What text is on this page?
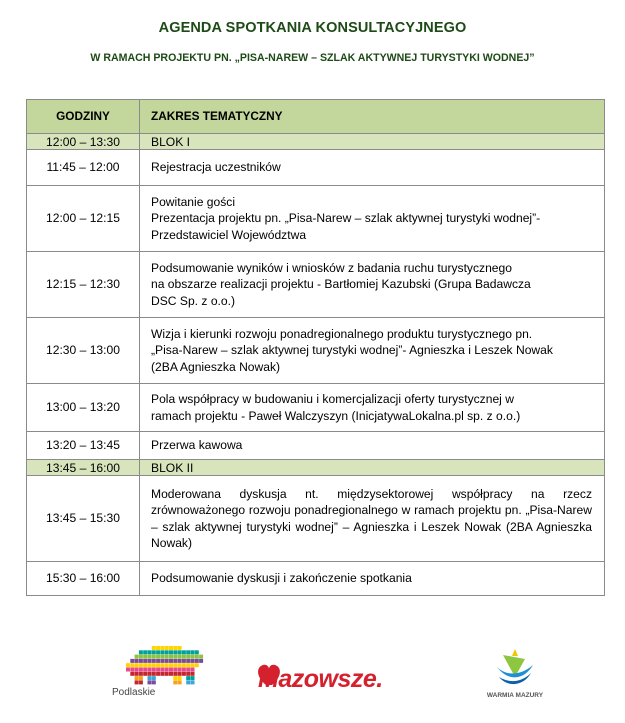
AGENDA SPOTKANIA KONSULTACYJNEGO
W RAMACH PROJEKTU PN. „PISA-NAREW – SZLAK AKTYWNEJ TURYSTYKI WODNEJ”
GODZINY	ZAKRES TEMATYCZNY
12:00 – 13:30	BLOK I
11:45 – 12:00	Rejestracja uczestników

12:00 – 12:15	Powitanie gości
Prezentacja projektu pn. „Pisa-Narew – szlak aktywnej turystyki wodnej”-
Przedstawiciel Województwa

12:15 – 12:30	Podsumowanie wyników i wniosków z badania ruchu turystycznego
na obszarze realizacji projektu - Bartłomiej Kazubski (Grupa Badawcza
DSC Sp. z o.o.)

12:30 – 13:00	Wizja i kierunki rozwoju ponadregionalnego produktu turystycznego pn.
„Pisa-Narew – szlak aktywnej turystyki wodnej”- Agnieszka i Leszek Nowak
(2BA Agnieszka Nowak)

13:00 – 13:20	Pola współpracy w budowaniu i komercjalizacji oferty turystycznej w
ramach projektu - Paweł Walczyszyn (InicjatywaLokalna.pl sp. z o.o.)

13:20 – 13:45	Przerwa kawowa

13:45 – 16:00	BLOK II
13:45 – 15:30	Moderowana dyskusja nt. międzysektorowej współpracy na rzecz zrównoważonego rozwoju ponadregionalnego w ramach projektu pn. „Pisa-Narew – szlak aktywnej turystyki wodnej” – Agnieszka i Leszek Nowak (2BA Agnieszka Nowak)

15:30 – 16:00	Podsumowanie dyskusji i zakończenie spotkania
Podlaskie	Mazowsze.
WARMIA MAZURY
